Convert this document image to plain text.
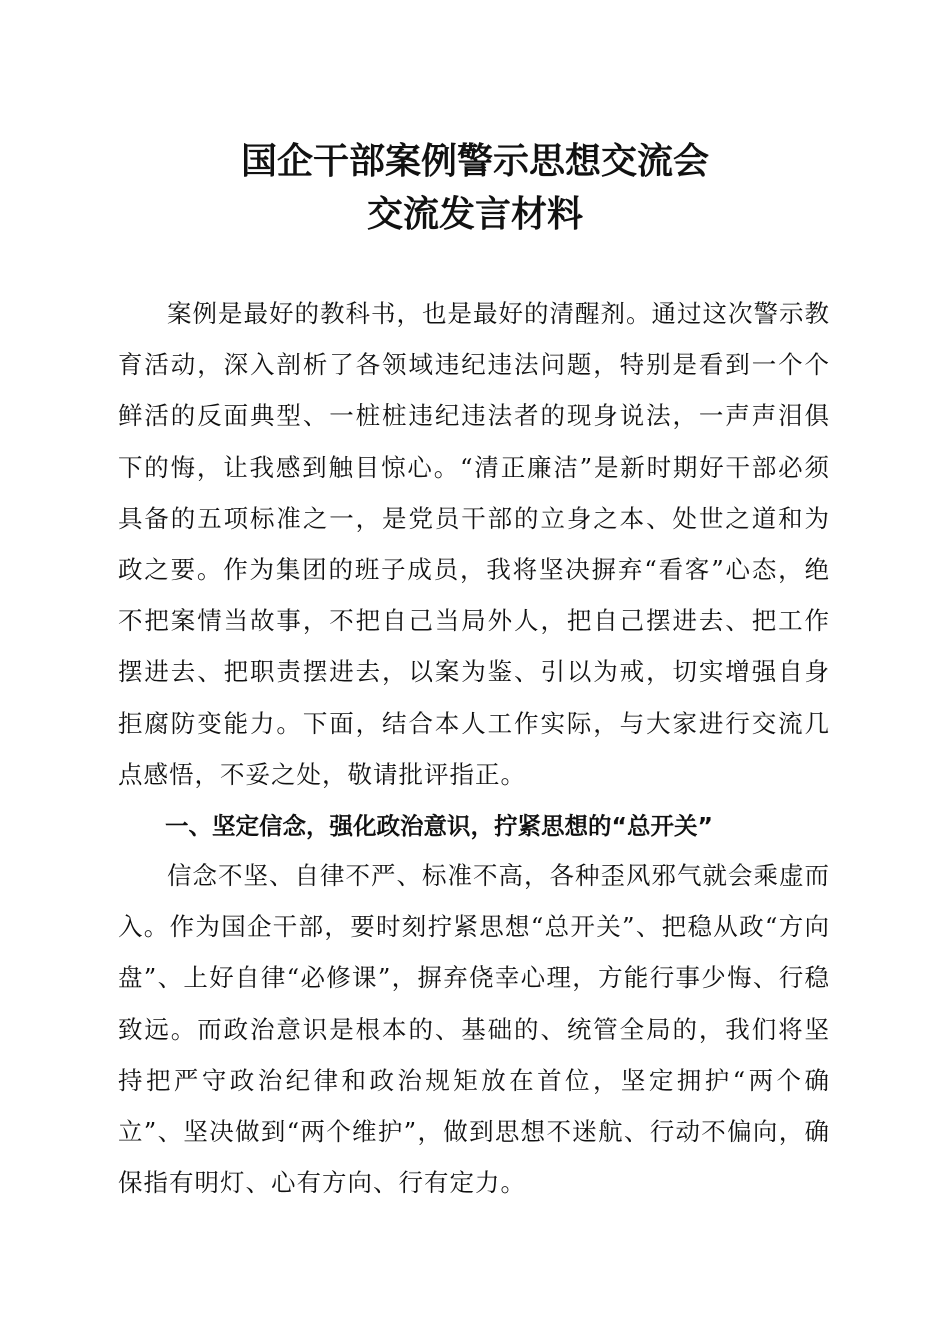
国企干部案例警示思想交流会
交流发言材料

案例是最好的教科书，也是最好的清醒剂。通过这次警示教育活动，深入剖析了各领域违纪违法问题，特别是看到一个个鲜活的反面典型、一桩桩违纪违法者的现身说法，一声声泪俱下的悔，让我感到触目惊心。“清正廉洁”是新时期好干部必须具备的五项标准之一，是党员干部的立身之本、处世之道和为政之要。作为集团的班子成员，我将坚决摒弃“看客”心态，绝不把案情当故事，不把自己当局外人，把自己摆进去、把工作摆进去、把职责摆进去，以案为鉴、引以为戒，切实增强自身拒腐防变能力。下面，结合本人工作实际，与大家进行交流几点感悟，不妥之处，敬请批评指正。

一、坚定信念，强化政治意识，拧紧思想的“总开关”

信念不坚、自律不严、标准不高，各种歪风邪气就会乘虚而入。作为国企干部，要时刻拧紧思想“总开关”、把稳从政“方向盘”、上好自律“必修课”，摒弃侥幸心理，方能行事少悔、行稳致远。而政治意识是根本的、基础的、统管全局的，我们将坚持把严守政治纪律和政治规矩放在首位，坚定拥护“两个确立”、坚决做到“两个维护”，做到思想不迷航、行动不偏向，确保指有明灯、心有方向、行有定力。
